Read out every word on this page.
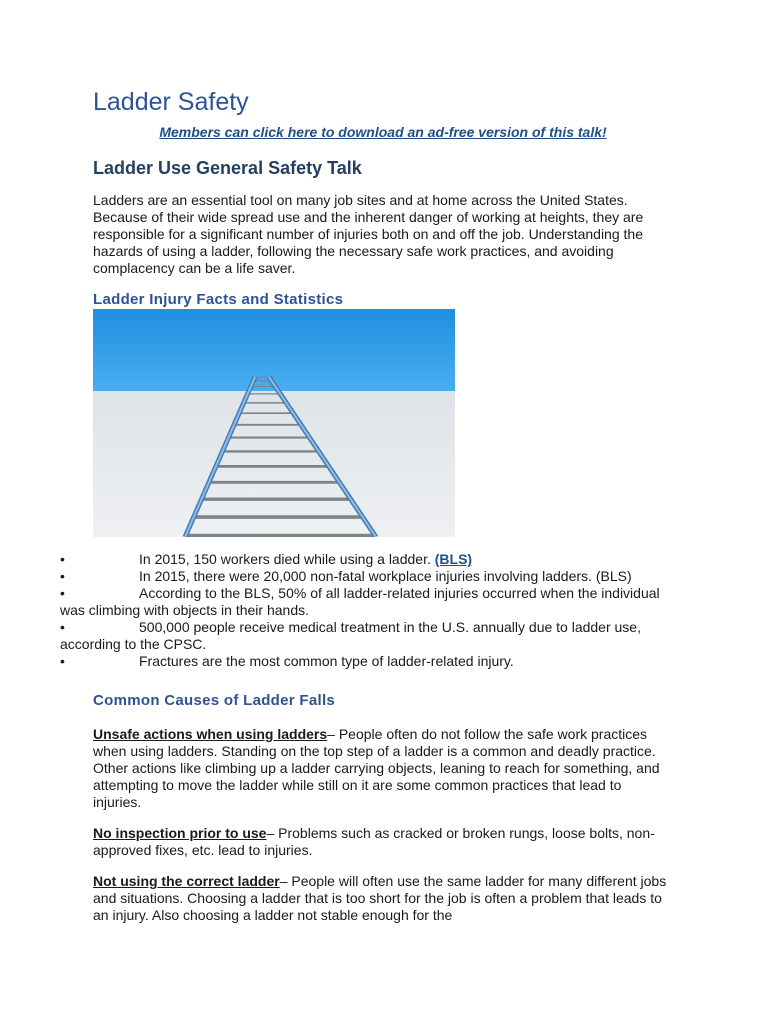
Ladder Safety
Members can click here to download an ad-free version of this talk!
Ladder Use General Safety Talk

Ladders are an essential tool on many job sites and at home across the United States. Because of their wide spread use and the inherent danger of working at heights, they are responsible for a significant number of injuries both on and off the job. Understanding the hazards of using a ladder, following the necessary safe work practices, and avoiding complacency can be a life saver.

Ladder Injury Facts and Statistics
•	In 2015, 150 workers died while using a ladder. (BLS)
•	In 2015, there were 20,000 non-fatal workplace injuries involving ladders. (BLS)
•	According to the BLS, 50% of all ladder-related injuries occurred when the individual was climbing with objects in their hands.
•	500,000 people receive medical treatment in the U.S. annually due to ladder use, according to the CPSC.
•	Fractures are the most common type of ladder-related injury.
Common Causes of Ladder Falls

Unsafe actions when using ladders– People often do not follow the safe work practices when using ladders. Standing on the top step of a ladder is a common and deadly practice. Other actions like climbing up a ladder carrying objects, leaning to reach for something, and attempting to move the ladder while still on it are some common practices that lead to injuries.

No inspection prior to use– Problems such as cracked or broken rungs, loose bolts, non-approved fixes, etc. lead to injuries.

Not using the correct ladder– People will often use the same ladder for many different jobs and situations. Choosing a ladder that is too short for the job is often a problem that leads to an injury. Also choosing a ladder not stable enough for the
